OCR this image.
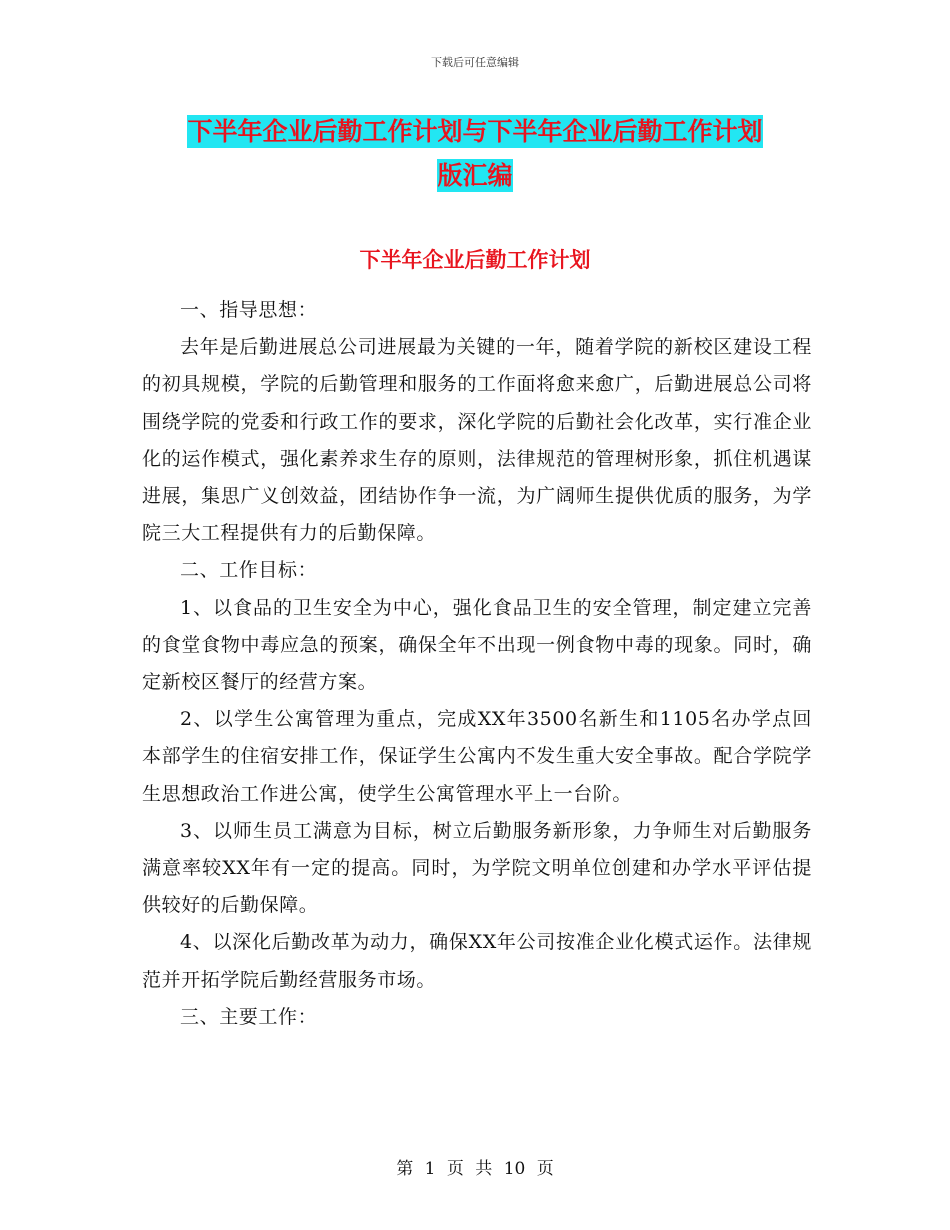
下载后可任意编辑
下半年企业后勤工作计划与下半年企业后勤工作计划
版汇编
下半年企业后勤工作计划

一、指导思想：

去年是后勤进展总公司进展最为关键的一年，随着学院的新校区建设工程的初具规模，学院的后勤管理和服务的工作面将愈来愈广，后勤进展总公司将围绕学院的党委和行政工作的要求，深化学院的后勤社会化改革，实行准企业化的运作模式，强化素养求生存的原则，法律规范的管理树形象，抓住机遇谋进展，集思广义创效益，团结协作争一流，为广阔师生提供优质的服务，为学院三大工程提供有力的后勤保障。

二、工作目标：

1、以食品的卫生安全为中心，强化食品卫生的安全管理，制定建立完善的食堂食物中毒应急的预案，确保全年不出现一例食物中毒的现象。同时，确定新校区餐厅的经营方案。

2、以学生公寓管理为重点，完成XX年3500名新生和1105名办学点回本部学生的住宿安排工作，保证学生公寓内不发生重大安全事故。配合学院学生思想政治工作进公寓，使学生公寓管理水平上一台阶。

3、以师生员工满意为目标，树立后勤服务新形象，力争师生对后勤服务满意率较XX年有一定的提高。同时，为学院文明单位创建和办学水平评估提供较好的后勤保障。

4、以深化后勤改革为动力，确保XX年公司按准企业化模式运作。法律规范并开拓学院后勤经营服务市场。

三、主要工作：

第 1 页 共 10 页
